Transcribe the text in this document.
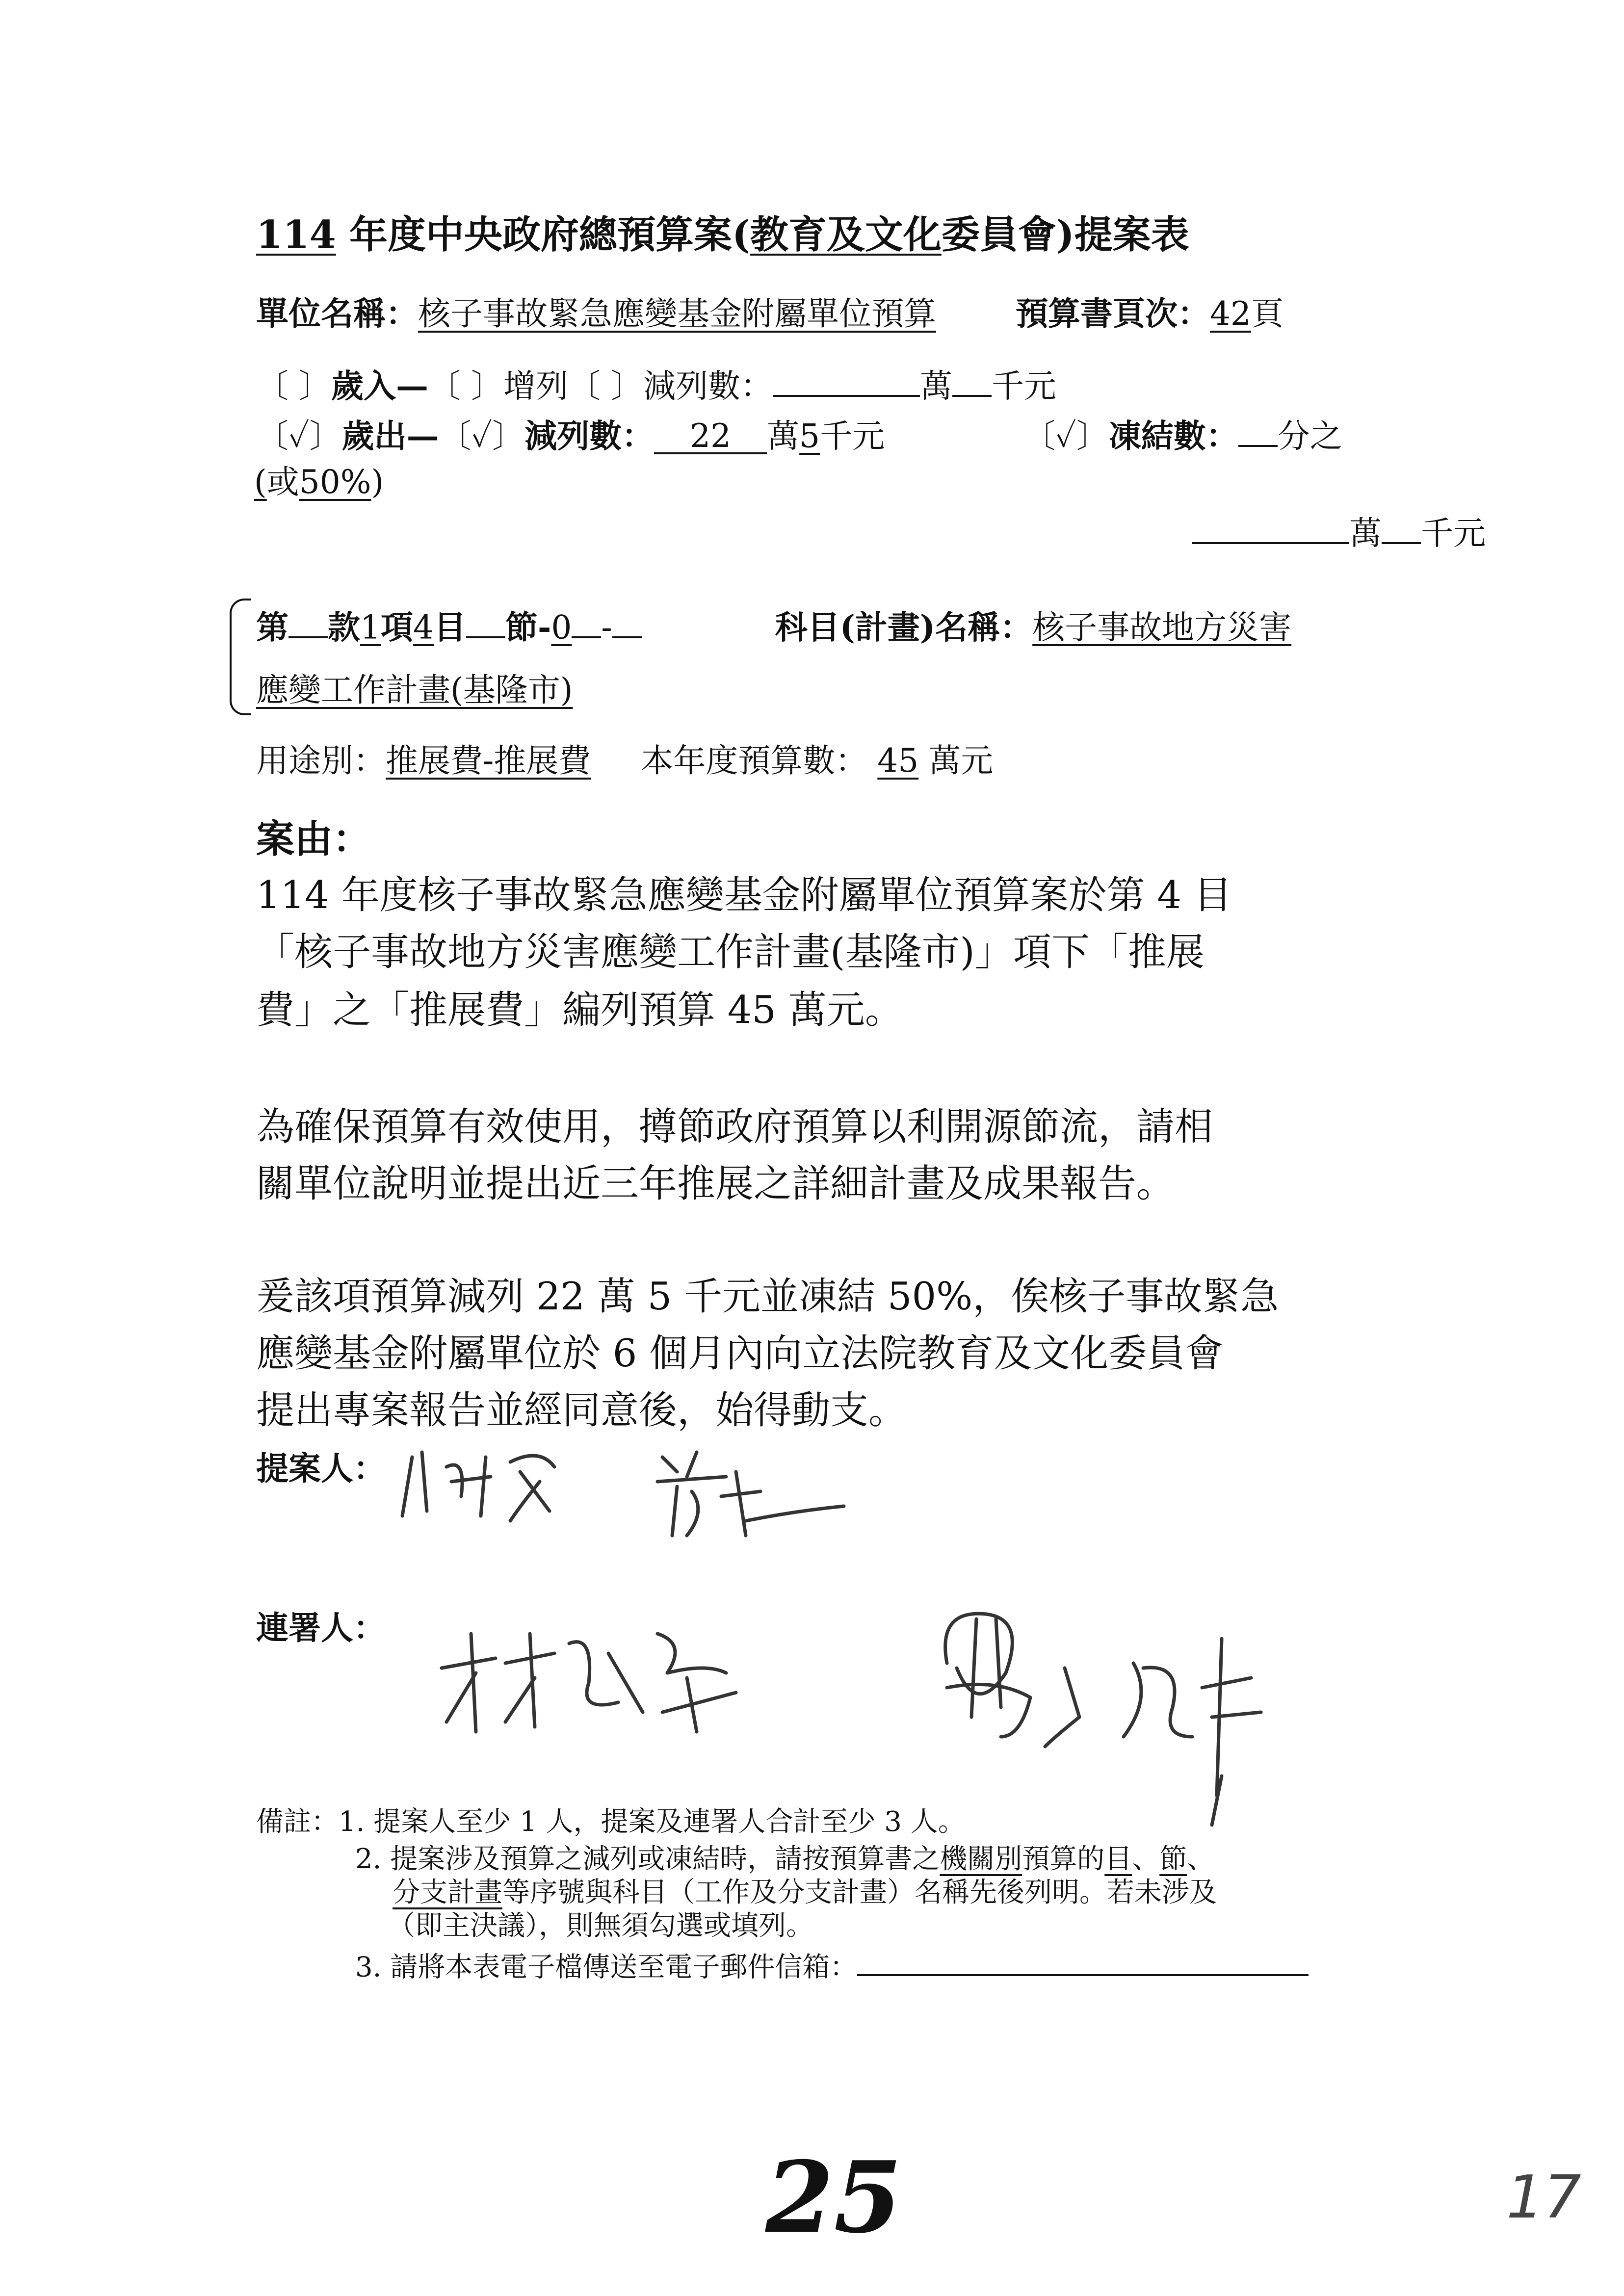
114 年度中央政府總預算案(教育及文化委員會)提案表
單位名稱：核子事故緊急應變基金附屬單位預算 預算書頁次：42頁
〔 〕歲入—〔 〕增列〔 〕減列數：	萬 千元
〔✓〕歲出—〔✓〕減列數： 22 萬5千元	〔✓〕凍結數： 分之
(或50%)
萬 千元
第 款1項4目 節-0 -	科目(計畫)名稱：核子事故地方災害
應變工作計畫(基隆市)
用途別：推展費-推展費 本年度預算數： 45 萬元
案由：
114 年度核子事故緊急應變基金附屬單位預算案於第 4 目
「核子事故地方災害應變工作計畫(基隆市)」項下「推展
費」之「推展費」編列預算 45 萬元。
為確保預算有效使用，撙節政府預算以利開源節流，請相
關單位說明並提出近三年推展之詳細計畫及成果報告。
爰該項預算減列 22 萬 5 千元並凍結 50%，俟核子事故緊急
應變基金附屬單位於 6 個月內向立法院教育及文化委員會
提出專案報告並經同意後，始得動支。
提案人：
連署人：
備註：1. 提案人至少 1 人，提案及連署人合計至少 3 人。
2. 提案涉及預算之減列或凍結時，請按預算書之機關別預算的目、節、
分支計畫等序號與科目（工作及分支計畫）名稱先後列明。若未涉及
（即主決議），則無須勾選或填列。
3. 請將本表電子檔傳送至電子郵件信箱：
25	17
